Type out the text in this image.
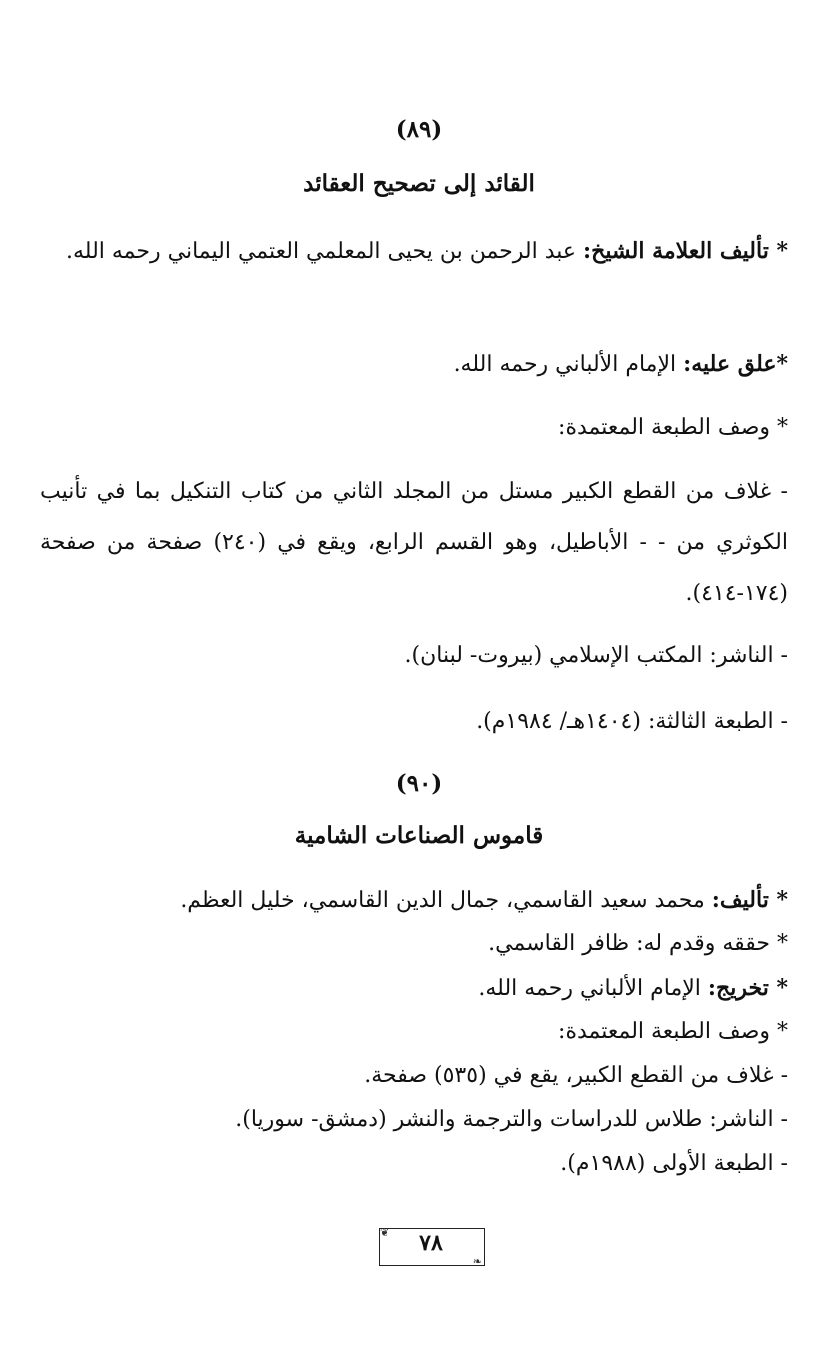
(٨٩)
القائد إلى تصحيح العقائد
* تأليف العلامة الشيخ: عبد الرحمن بن يحيى المعلمي العتمي اليماني رحمه الله.
*علق عليه: الإمام الألباني رحمه الله.
* وصف الطبعة المعتمدة:
- غلاف من القطع الكبير مستل من المجلد الثاني من كتاب التنكيل بما في تأنيب الكوثري من - - الأباطيل، وهو القسم الرابع، ويقع في (٢٤٠) صفحة من صفحة (١٧٤-٤١٤).
- الناشر: المكتب الإسلامي (بيروت- لبنان).
- الطبعة الثالثة: (١٤٠٤هـ/ ١٩٨٤م).
(٩٠)
قاموس الصناعات الشامية
* تأليف: محمد سعيد القاسمي، جمال الدين القاسمي، خليل العظم.
* حققه وقدم له: ظافر القاسمي.
* تخريج: الإمام الألباني رحمه الله.
* وصف الطبعة المعتمدة:
- غلاف من القطع الكبير، يقع في (٥٣٥) صفحة.
- الناشر: طلاس للدراسات والترجمة والنشر (دمشق- سوريا).
- الطبعة الأولى (١٩٨٨م).
❦
❧
٧٨
